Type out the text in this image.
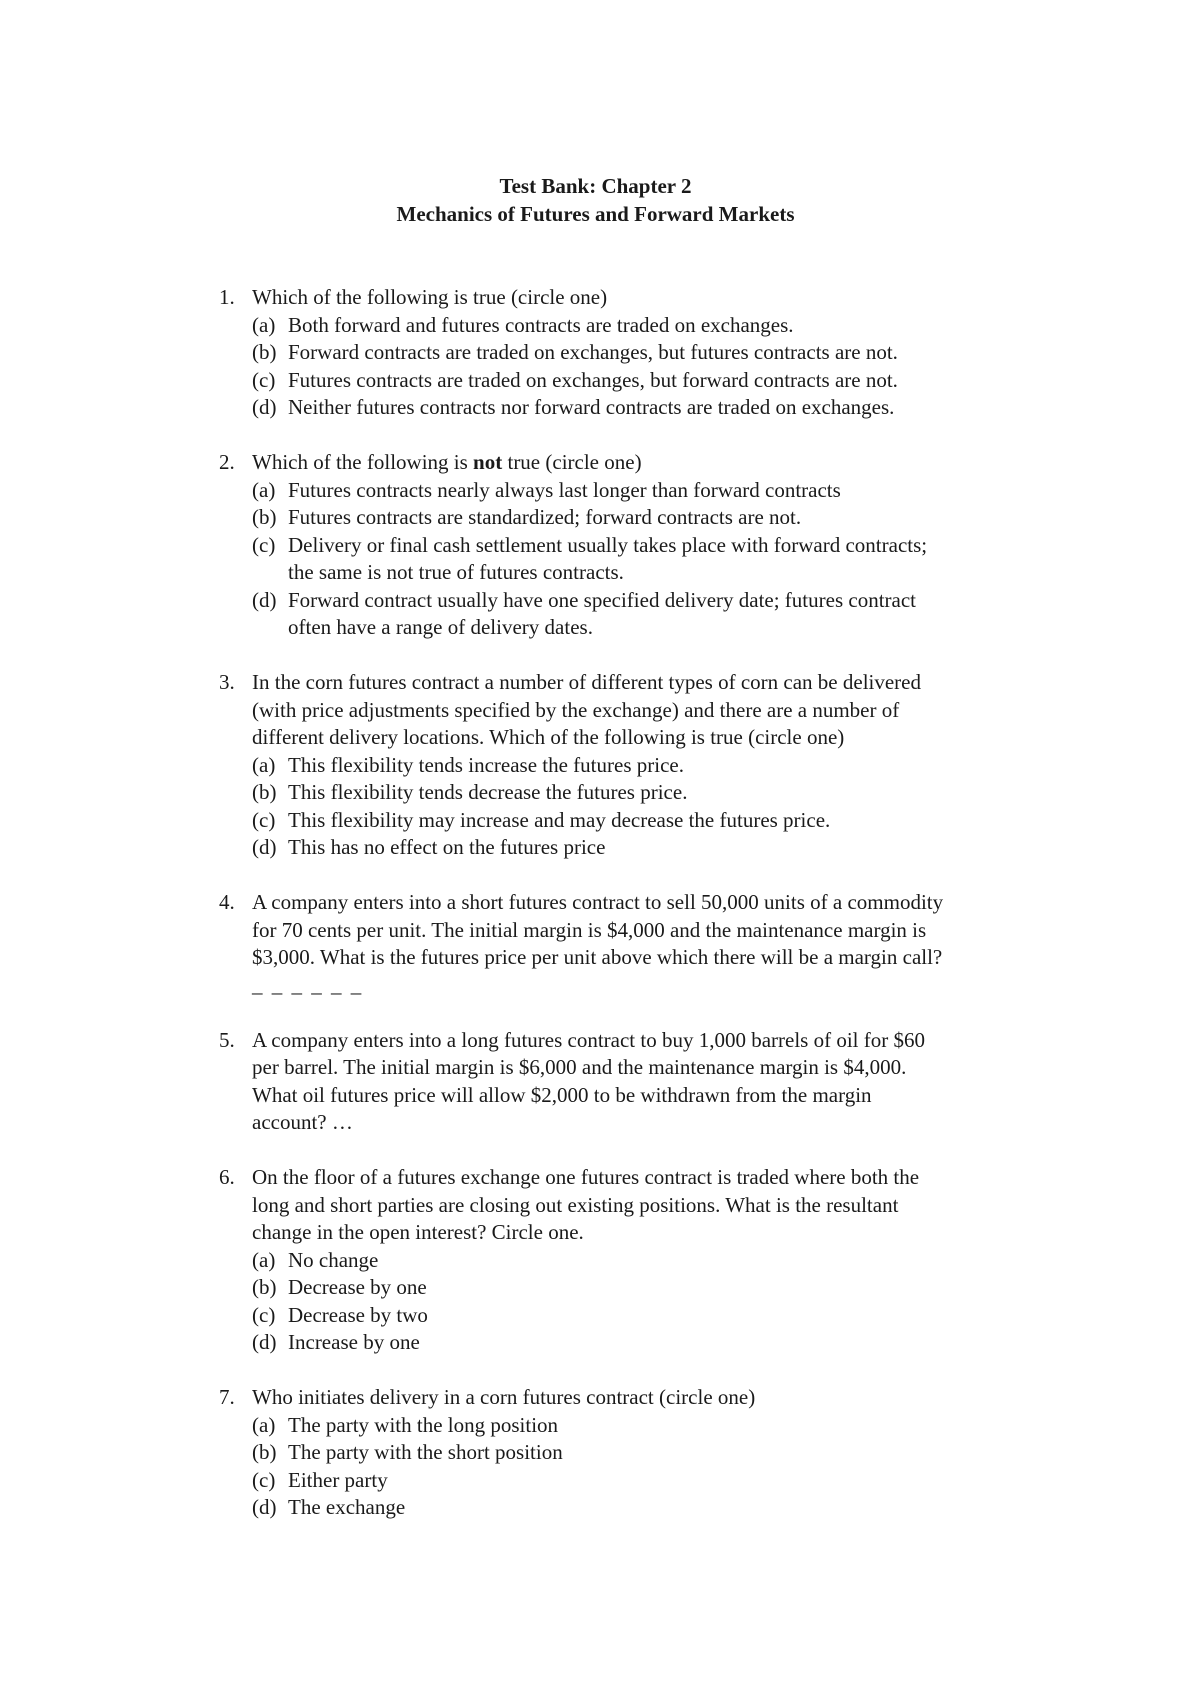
Test Bank: Chapter 2
Mechanics of Futures and Forward Markets
1. Which of the following is true (circle one)
(a) Both forward and futures contracts are traded on exchanges.
(b) Forward contracts are traded on exchanges, but futures contracts are not.
(c) Futures contracts are traded on exchanges, but forward contracts are not.
(d) Neither futures contracts nor forward contracts are traded on exchanges.
2. Which of the following is not true (circle one)
(a) Futures contracts nearly always last longer than forward contracts
(b) Futures contracts are standardized; forward contracts are not.
(c) Delivery or final cash settlement usually takes place with forward contracts;
the same is not true of futures contracts.
(d) Forward contract usually have one specified delivery date; futures contract
often have a range of delivery dates.
3. In the corn futures contract a number of different types of corn can be delivered
(with price adjustments specified by the exchange) and there are a number of
different delivery locations. Which of the following is true (circle one)
(a) This flexibility tends increase the futures price.
(b) This flexibility tends decrease the futures price.
(c) This flexibility may increase and may decrease the futures price.
(d) This has no effect on the futures price
4. A company enters into a short futures contract to sell 50,000 units of a commodity
for 70 cents per unit. The initial margin is $4,000 and the maintenance margin is
$3,000. What is the futures price per unit above which there will be a margin call?
_ _ _ _ _ _
5. A company enters into a long futures contract to buy 1,000 barrels of oil for $60
per barrel. The initial margin is $6,000 and the maintenance margin is $4,000.
What oil futures price will allow $2,000 to be withdrawn from the margin
account? …
6. On the floor of a futures exchange one futures contract is traded where both the
long and short parties are closing out existing positions. What is the resultant
change in the open interest? Circle one.
(a) No change
(b) Decrease by one
(c) Decrease by two
(d) Increase by one
7. Who initiates delivery in a corn futures contract (circle one)
(a) The party with the long position
(b) The party with the short position
(c) Either party
(d) The exchange
